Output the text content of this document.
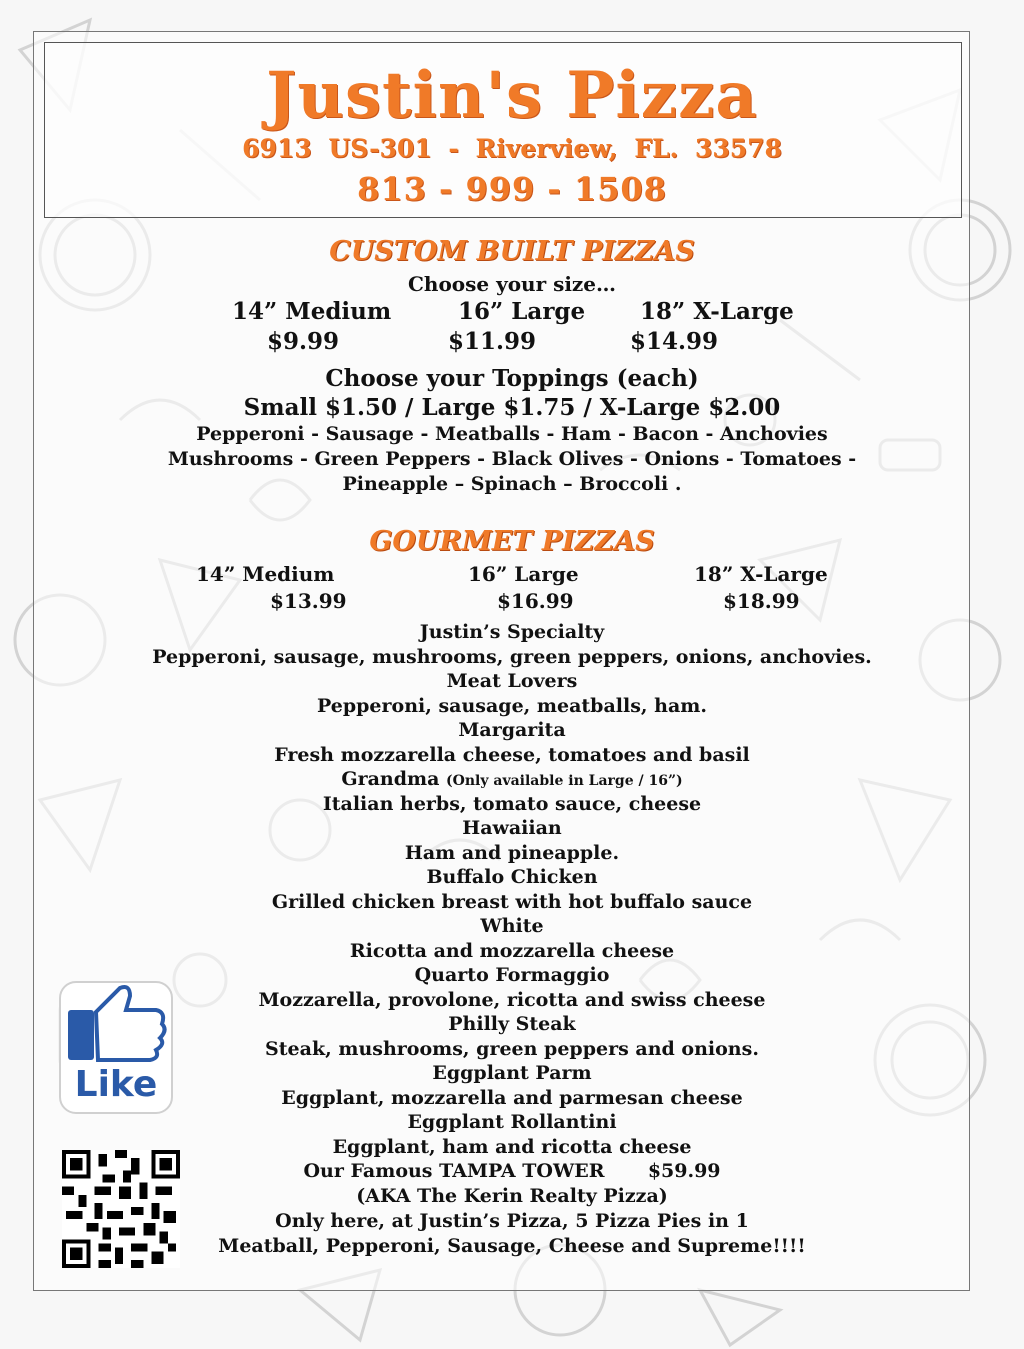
Justin's Pizza
6913 US-301 - Riverview, FL. 33578
813 - 999 - 1508
CUSTOM BUILT PIZZAS
Choose your size…
14” Medium	16” Large 18” X-Large
$9.99	$11.99	$14.99
Choose your Toppings (each)
Small $1.50 / Large $1.75 / X-Large $2.00
Pepperoni - Sausage - Meatballs - Ham - Bacon - Anchovies
Mushrooms - Green Peppers - Black Olives - Onions - Tomatoes -
Pineapple – Spinach – Broccoli .
GOURMET PIZZAS
14” Medium	16” Large	18” X-Large
$13.99	$16.99	$18.99
Justin’s Specialty
Pepperoni, sausage, mushrooms, green peppers, onions, anchovies.
Meat Lovers
Pepperoni, sausage, meatballs, ham.
Margarita
Fresh mozzarella cheese, tomatoes and basil
Grandma (Only available in Large / 16”)
Italian herbs, tomato sauce, cheese
Hawaiian
Ham and pineapple.
Buffalo Chicken
Grilled chicken breast with hot buffalo sauce
White
Ricotta and mozzarella cheese
Quarto Formaggio
Mozzarella, provolone, ricotta and swiss cheese
Philly Steak
Steak, mushrooms, green peppers and onions.
Eggplant Parm
Eggplant, mozzarella and parmesan cheese
Eggplant Rollantini
Eggplant, ham and ricotta cheese
Our Famous TAMPA TOWER $59.99
(AKA The Kerin Realty Pizza)
Only here, at Justin’s Pizza, 5 Pizza Pies in 1
Meatball, Pepperoni, Sausage, Cheese and Supreme!!!!
Like
